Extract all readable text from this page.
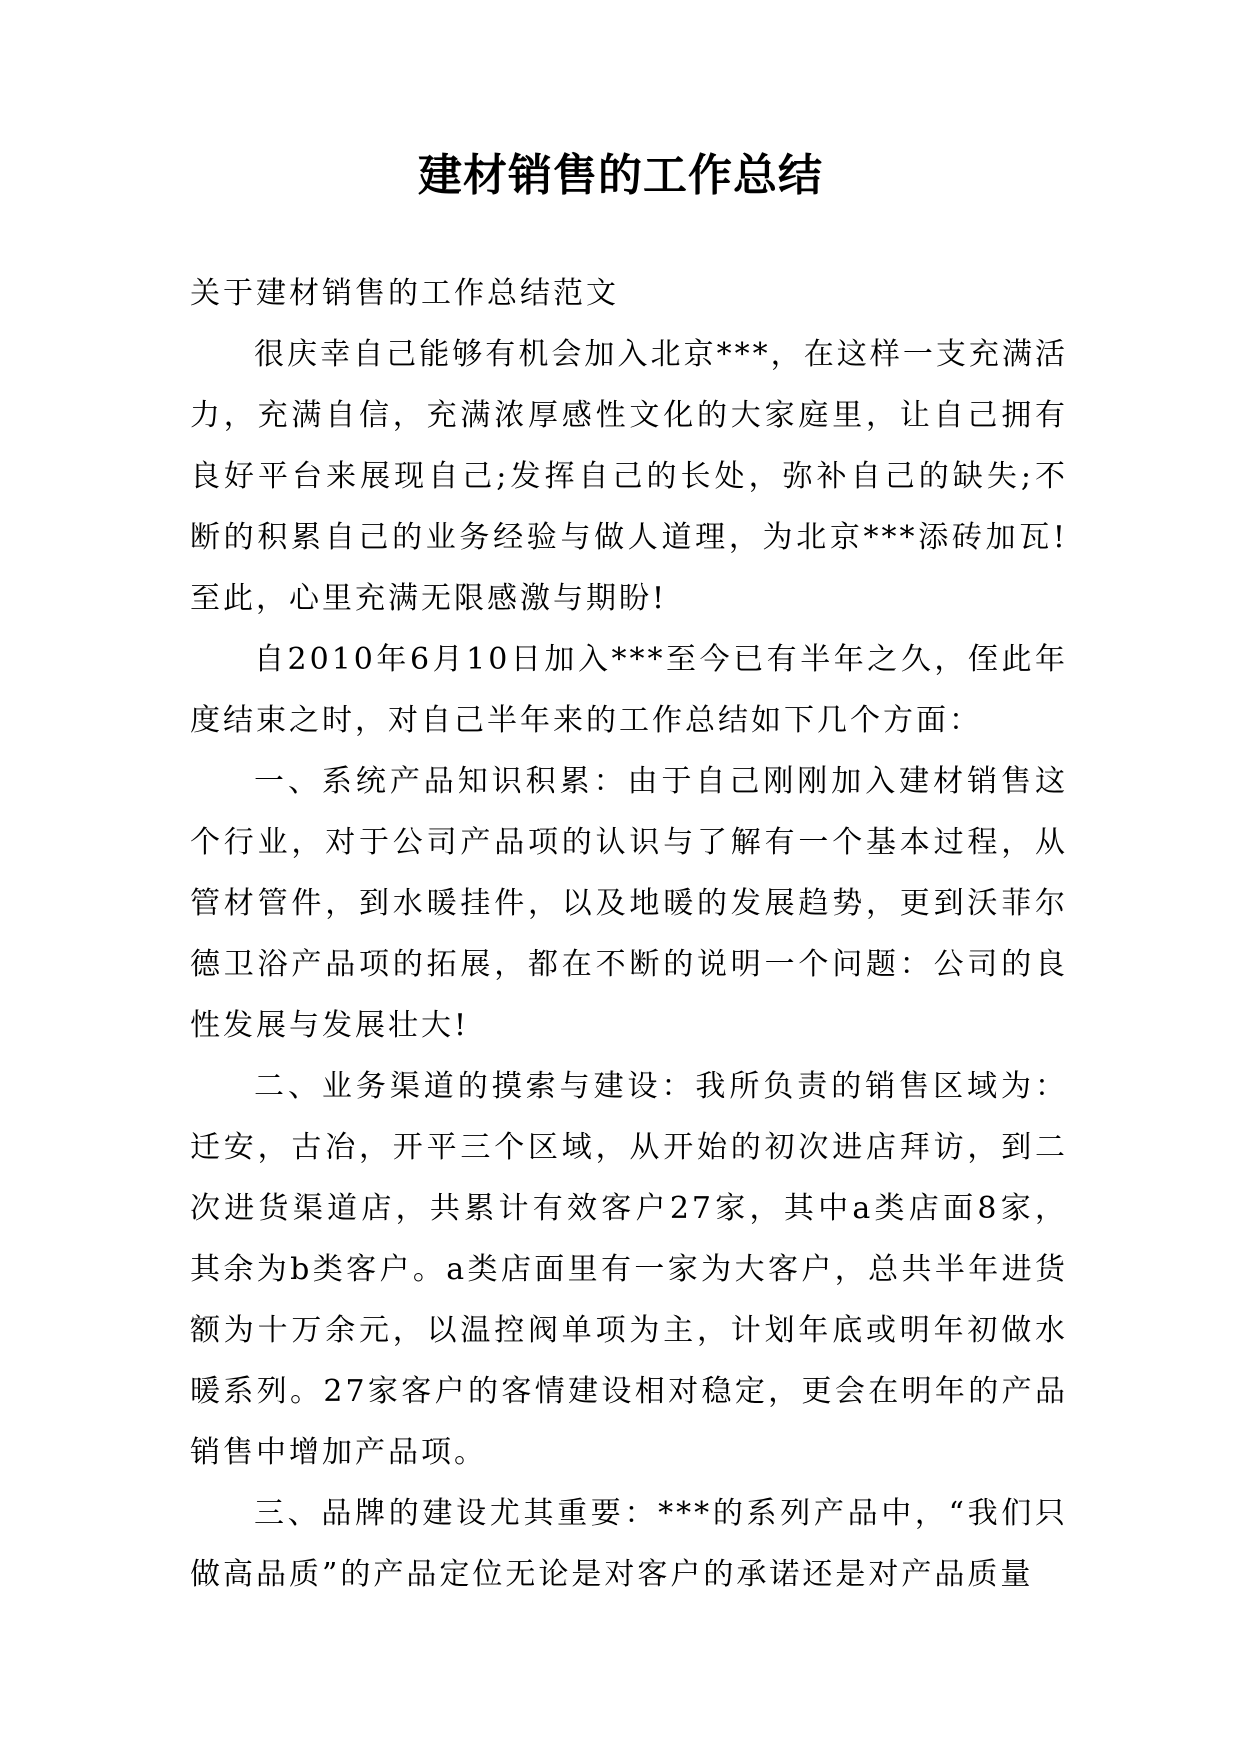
建材销售的工作总结

关于建材销售的工作总结范文

很庆幸自己能够有机会加入北京***，在这样一支充满活力，充满自信，充满浓厚感性文化的大家庭里，让自己拥有良好平台来展现自己;发挥自己的长处，弥补自己的缺失;不断的积累自己的业务经验与做人道理，为北京***添砖加瓦!至此，心里充满无限感激与期盼!

自2010年6月10日加入***至今已有半年之久，侄此年度结束之时，对自己半年来的工作总结如下几个方面：

一、系统产品知识积累：由于自己刚刚加入建材销售这个行业，对于公司产品项的认识与了解有一个基本过程，从管材管件，到水暖挂件，以及地暖的发展趋势，更到沃菲尔德卫浴产品项的拓展，都在不断的说明一个问题：公司的良性发展与发展壮大!

二、业务渠道的摸索与建设：我所负责的销售区域为：迁安，古冶，开平三个区域，从开始的初次进店拜访，到二次进货渠道店，共累计有效客户27家，其中a类店面8家，其余为b类客户。a类店面里有一家为大客户，总共半年进货额为十万余元，以温控阀单项为主，计划年底或明年初做水暖系列。27家客户的客情建设相对稳定，更会在明年的产品销售中增加产品项。

三、品牌的建设尤其重要：***的系列产品中，“我们只做高品质”的产品定位无论是对客户的承诺还是对产品质量
